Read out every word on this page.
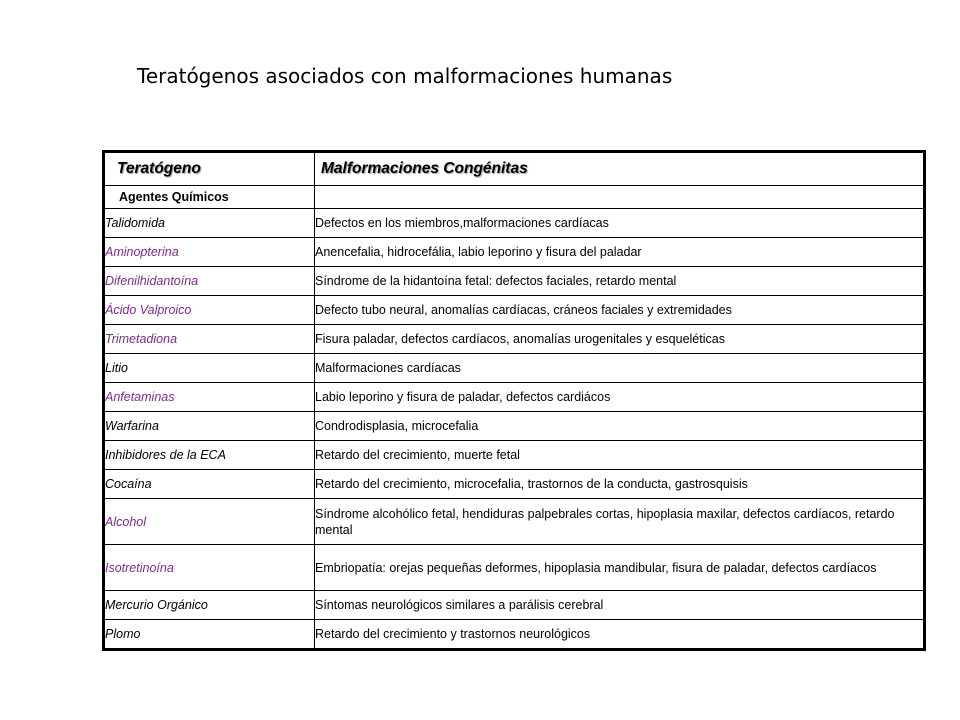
Teratógenos asociados con malformaciones humanas
Teratógeno	Malformaciones Congénitas
Agentes Químicos	
Talidomida	Defectos en los miembros,malformaciones cardíacas
Aminopterina	Anencefalia, hidrocefália, labio leporino y fisura del paladar
Difenilhidantoína	Síndrome de la hidantoína fetal: defectos faciales, retardo mental
Ácido Valproico	Defecto tubo neural, anomalías cardíacas, cráneos faciales y extremidades
Trimetadiona	Fisura paladar, defectos cardíacos, anomalías urogenitales y esqueléticas
Litio	Malformaciones cardíacas
Anfetaminas	Labio leporino y fisura de paladar, defectos cardiácos
Warfarina	Condrodisplasia, microcefalia
Inhibidores de la ECA	Retardo del crecimiento, muerte fetal
Cocaína	Retardo del crecimiento, microcefalia, trastornos de la conducta, gastrosquisis
Alcohol	Síndrome alcohólico fetal, hendiduras palpebrales cortas, hipoplasia maxilar, defectos cardíacos, retardo mental
Isotretinoína	Embriopatía: orejas pequeñas deformes, hipoplasia mandibular, fisura de paladar, defectos cardíacos
Mercurio Orgánico	Síntomas neurológicos similares a parálisis cerebral
Plomo	Retardo del crecimiento y trastornos neurológicos
